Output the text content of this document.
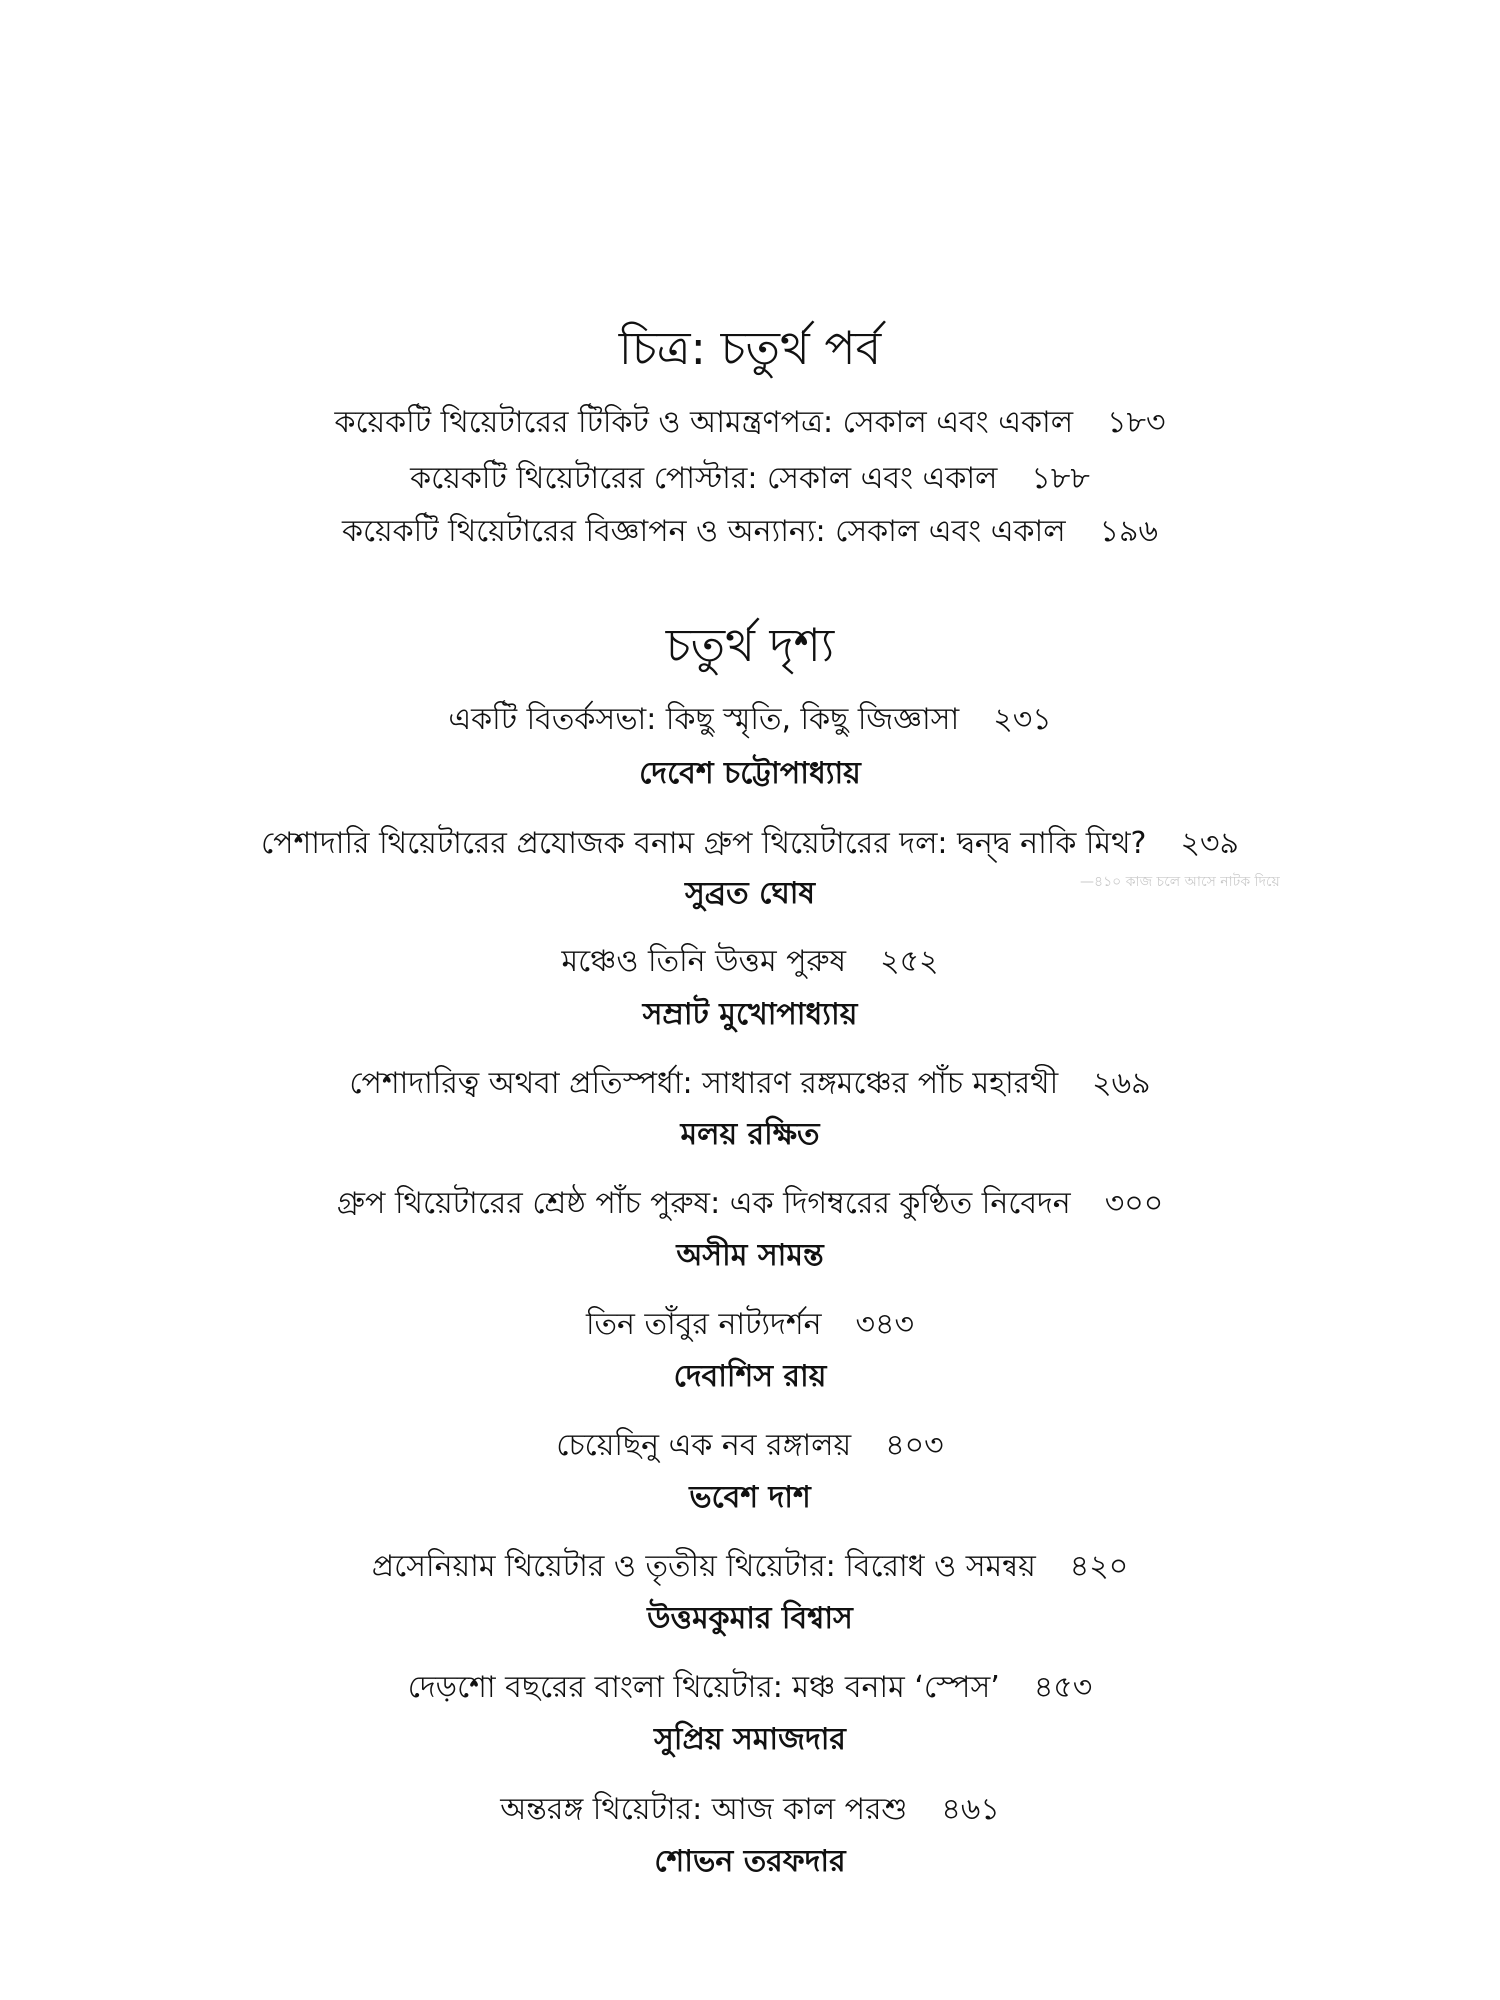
—৪১০ কাজ চলে আসে নাটক দিয়ে
চিত্র: চতুর্থ পর্ব
কয়েকটি থিয়েটারের টিকিট ও আমন্ত্রণপত্র: সেকাল এবং একাল ১৮৩
কয়েকটি থিয়েটারের পোস্টার: সেকাল এবং একাল ১৮৮
কয়েকটি থিয়েটারের বিজ্ঞাপন ও অন্যান্য: সেকাল এবং একাল ১৯৬
চতুর্থ দৃশ্য
একটি বিতর্কসভা: কিছু স্মৃতি, কিছু জিজ্ঞাসা ২৩১
দেবেশ চট্টোপাধ্যায়
পেশাদারি থিয়েটারের প্রযোজক বনাম গ্রুপ থিয়েটারের দল: দ্বন্দ্ব নাকি মিথ? ২৩৯
সুব্রত ঘোষ
মঞ্চেও তিনি উত্তম পুরুষ ২৫২
সম্রাট মুখোপাধ্যায়
পেশাদারিত্ব অথবা প্রতিস্পর্ধা: সাধারণ রঙ্গমঞ্চের পাঁচ মহারথী ২৬৯
মলয় রক্ষিত
গ্রুপ থিয়েটারের শ্রেষ্ঠ পাঁচ পুরুষ: এক দিগম্বরের কুণ্ঠিত নিবেদন ৩০০
অসীম সামন্ত
তিন তাঁবুর নাট্যদর্শন ৩৪৩
দেবাশিস রায়
চেয়েছিনু এক নব রঙ্গালয় ৪০৩
ভবেশ দাশ
প্রসেনিয়াম থিয়েটার ও তৃতীয় থিয়েটার: বিরোধ ও সমন্বয় ৪২০
উত্তমকুমার বিশ্বাস
দেড়শো বছরের বাংলা থিয়েটার: মঞ্চ বনাম ‘স্পেস’ ৪৫৩
সুপ্রিয় সমাজদার
অন্তরঙ্গ থিয়েটার: আজ কাল পরশু ৪৬১
শোভন তরফদার
